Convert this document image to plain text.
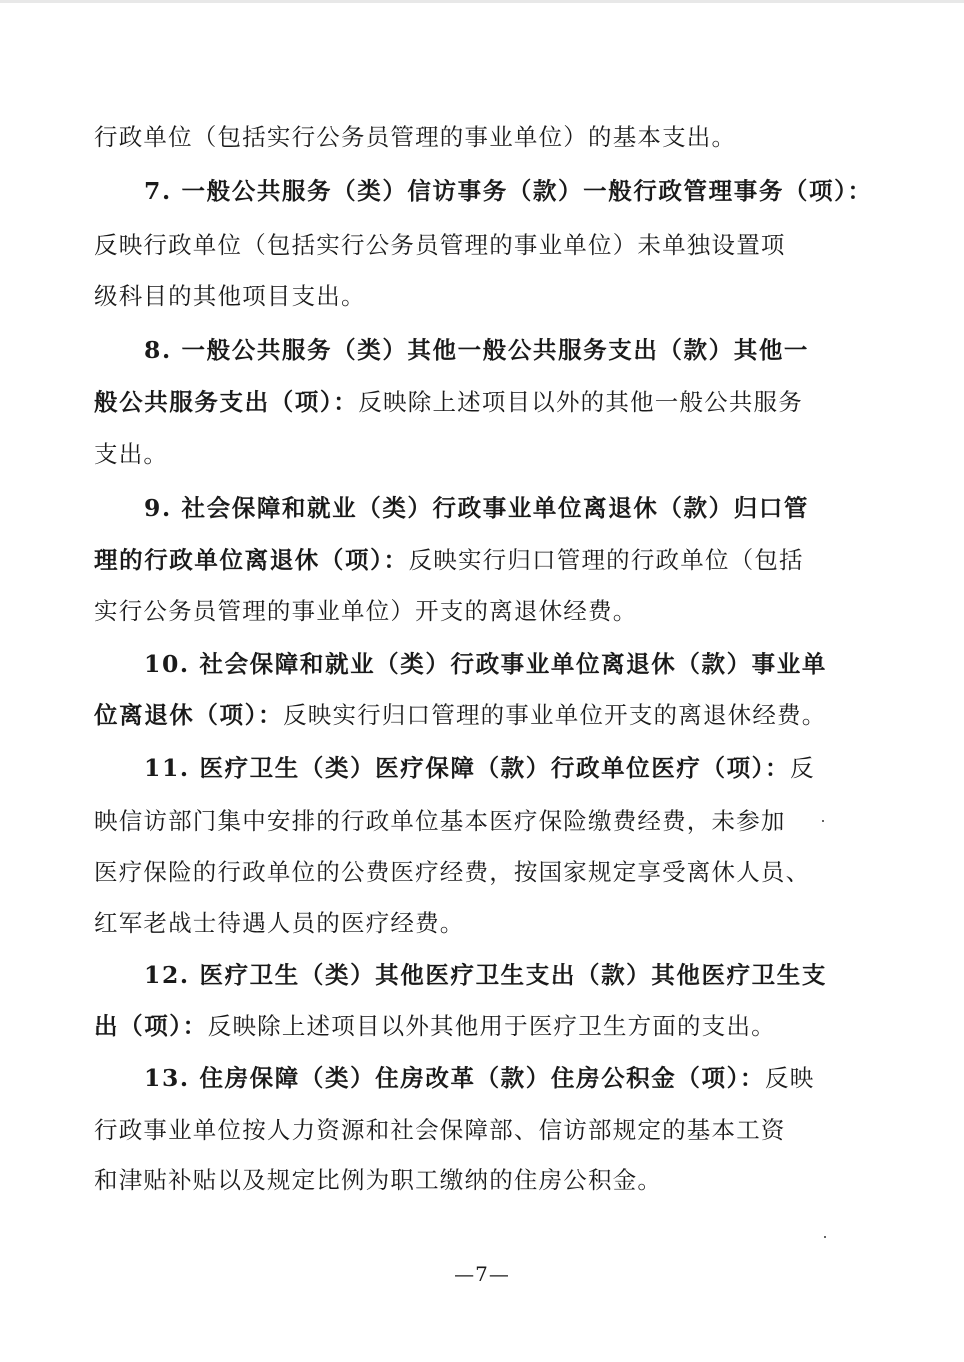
行政单位（包括实行公务员管理的事业单位）的基本支出。
7. 一般公共服务（类）信访事务（款）一般行政管理事务（项）：
反映行政单位（包括实行公务员管理的事业单位）未单独设置项
级科目的其他项目支出。
8. 一般公共服务（类）其他一般公共服务支出（款）其他一
般公共服务支出（项）：反映除上述项目以外的其他一般公共服务
支出。
9. 社会保障和就业（类）行政事业单位离退休（款）归口管
理的行政单位离退休（项）：反映实行归口管理的行政单位（包括
实行公务员管理的事业单位）开支的离退休经费。
10. 社会保障和就业（类）行政事业单位离退休（款）事业单
位离退休（项）：反映实行归口管理的事业单位开支的离退休经费。
11. 医疗卫生（类）医疗保障（款）行政单位医疗（项）：反
映信访部门集中安排的行政单位基本医疗保险缴费经费，未参加
医疗保险的行政单位的公费医疗经费，按国家规定享受离休人员、
红军老战士待遇人员的医疗经费。
12. 医疗卫生（类）其他医疗卫生支出（款）其他医疗卫生支
出（项）：反映除上述项目以外其他用于医疗卫生方面的支出。
13. 住房保障（类）住房改革（款）住房公积金（项）：反映
行政事业单位按人力资源和社会保障部、信访部规定的基本工资
和津贴补贴以及规定比例为职工缴纳的住房公积金。
—7—
